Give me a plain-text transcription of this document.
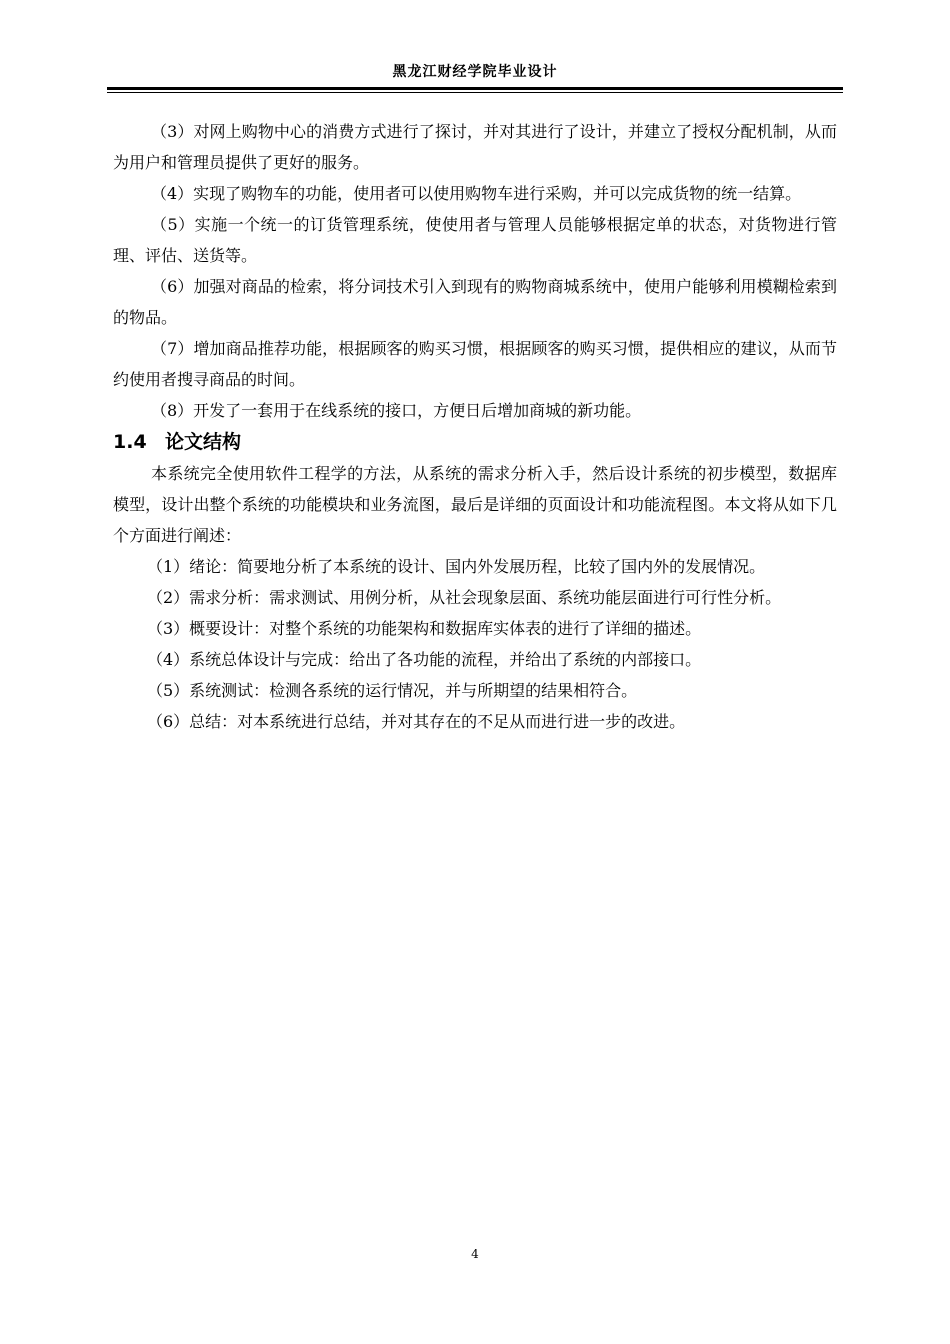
黑龙江财经学院毕业设计

（3）对网上购物中心的消费方式进行了探讨，并对其进行了设计，并建立了授权分配机制，从而为用户和管理员提供了更好的服务。

（4）实现了购物车的功能，使用者可以使用购物车进行采购，并可以完成货物的统一结算。

（5）实施一个统一的订货管理系统，使使用者与管理人员能够根据定单的状态，对货物进行管理、评估、送货等。

（6）加强对商品的检索，将分词技术引入到现有的购物商城系统中，使用户能够利用模糊检索到的物品。

（7）增加商品推荐功能，根据顾客的购买习惯，根据顾客的购买习惯，提供相应的建议，从而节约使用者搜寻商品的时间。

（8）开发了一套用于在线系统的接口，方便日后增加商城的新功能。

1.4 论文结构

本系统完全使用软件工程学的方法，从系统的需求分析入手，然后设计系统的初步模型，数据库模型，设计出整个系统的功能模块和业务流图，最后是详细的页面设计和功能流程图。本文将从如下几个方面进行阐述：

（1）绪论：简要地分析了本系统的设计、国内外发展历程，比较了国内外的发展情况。

（2）需求分析：需求测试、用例分析，从社会现象层面、系统功能层面进行可行性分析。

（3）概要设计：对整个系统的功能架构和数据库实体表的进行了详细的描述。

（4）系统总体设计与完成：给出了各功能的流程，并给出了系统的内部接口。

（5）系统测试：检测各系统的运行情况，并与所期望的结果相符合。

（6）总结：对本系统进行总结，并对其存在的不足从而进行进一步的改进。

4
